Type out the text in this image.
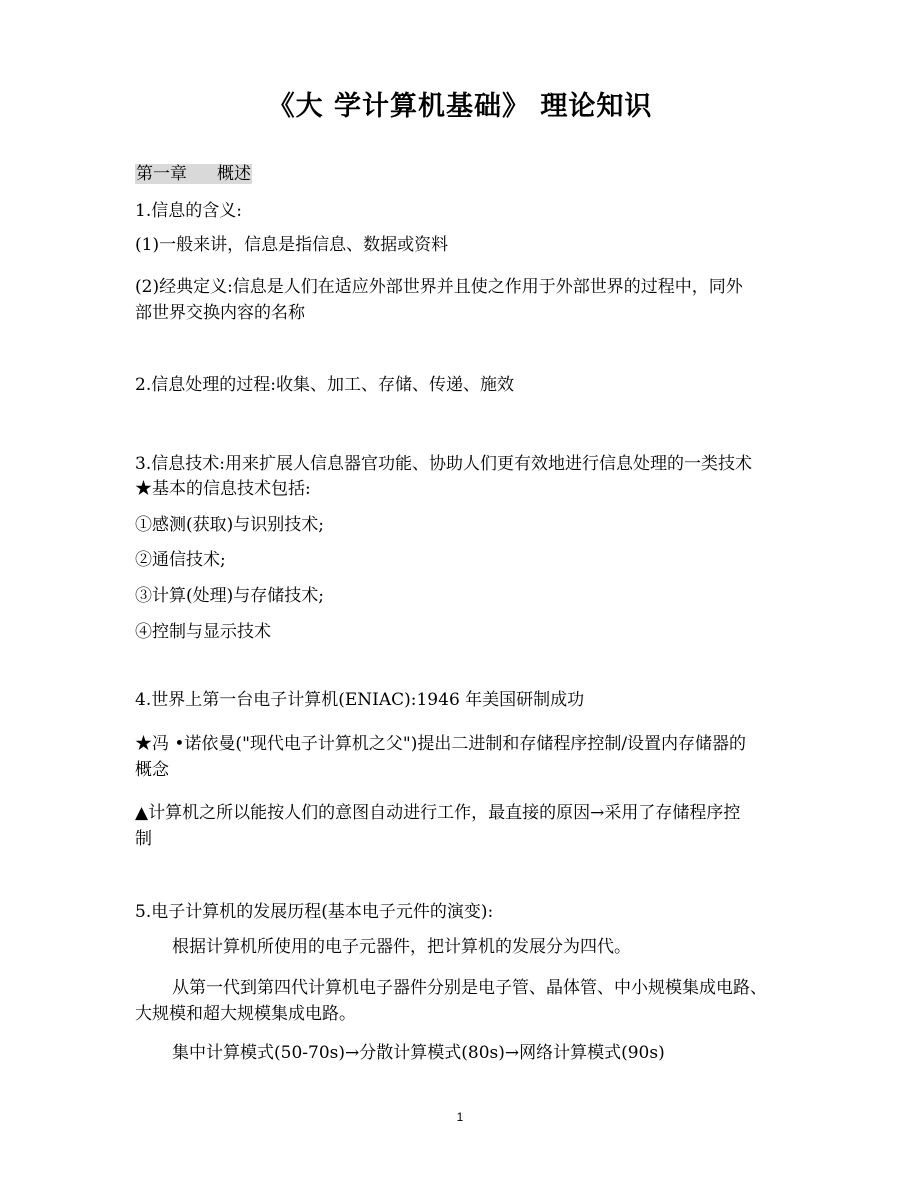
《大 学计算机基础》 理论知识
第一章 概述
1.信息的含义:
(1)一般来讲，信息是指信息、数据或资料
(2)经典定义:信息是人们在适应外部世界并且使之作用于外部世界的过程中，同外
部世界交换内容的名称
2.信息处理的过程:收集、加工、存储、传递、施效
3.信息技术:用来扩展人信息器官功能、协助人们更有效地进行信息处理的一类技术
★基本的信息技术包括:
①感测(获取)与识别技术;
②通信技术;
③计算(处理)与存储技术;
④控制与显示技术
4.世界上第一台电子计算机(ENIAC):1946 年美国研制成功
★冯 •诺依曼("现代电子计算机之父")提出二进制和存储程序控制/设置内存储器的
概念
▲计算机之所以能按人们的意图自动进行工作，最直接的原因→采用了存储程序控
制
5.电子计算机的发展历程(基本电子元件的演变):
根据计算机所使用的电子元器件，把计算机的发展分为四代。
从第一代到第四代计算机电子器件分别是电子管、晶体管、中小规模集成电路、
大规模和超大规模集成电路。
集中计算模式(50-70s)→分散计算模式(80s)→网络计算模式(90s)
1
